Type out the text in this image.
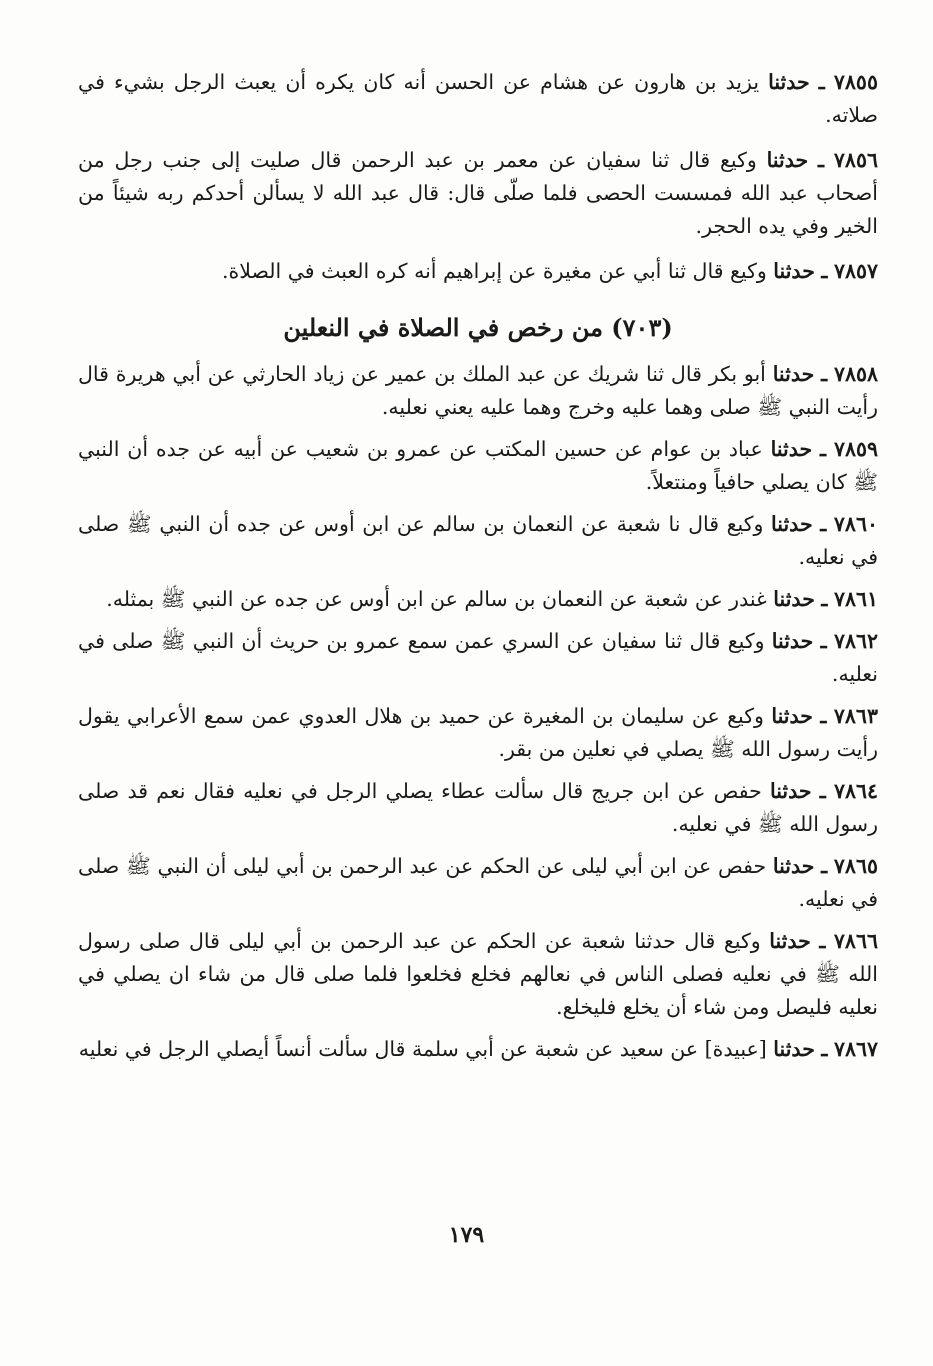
٧٨٥٥ ـ حدثنا يزيد بن هارون عن هشام عن الحسن أنه كان يكره أن يعبث الرجل بشيء في صلاته.

٧٨٥٦ ـ حدثنا وكيع قال ثنا سفيان عن معمر بن عبد الرحمن قال صليت إلى جنب رجل من أصحاب عبد الله فمسست الحصى فلما صلّى قال: قال عبد الله لا يسألن أحدكم ربه شيئاً من الخير وفي يده الحجر.

٧٨٥٧ ـ حدثنا وكيع قال ثنا أبي عن مغيرة عن إبراهيم أنه كره العبث في الصلاة.

(٧٠٣) من رخص في الصلاة في النعلين

٧٨٥٨ ـ حدثنا أبو بكر قال ثنا شريك عن عبد الملك بن عمير عن زياد الحارثي عن أبي هريرة قال رأيت النبي ﷺ صلى وهما عليه وخرج وهما عليه يعني نعليه.

٧٨٥٩ ـ حدثنا عباد بن عوام عن حسين المكتب عن عمرو بن شعيب عن أبيه عن جده أن النبي ﷺ كان يصلي حافياً ومنتعلاً.

٧٨٦٠ ـ حدثنا وكيع قال نا شعبة عن النعمان بن سالم عن ابن أوس عن جده أن النبي ﷺ صلى في نعليه.

٧٨٦١ ـ حدثنا غندر عن شعبة عن النعمان بن سالم عن ابن أوس عن جده عن النبي ﷺ بمثله.

٧٨٦٢ ـ حدثنا وكيع قال ثنا سفيان عن السري عمن سمع عمرو بن حريث أن النبي ﷺ صلى في نعليه.

٧٨٦٣ ـ حدثنا وكيع عن سليمان بن المغيرة عن حميد بن هلال العدوي عمن سمع الأعرابي يقول رأيت رسول الله ﷺ يصلي في نعلين من بقر.

٧٨٦٤ ـ حدثنا حفص عن ابن جريج قال سألت عطاء يصلي الرجل في نعليه فقال نعم قد صلى رسول الله ﷺ في نعليه.

٧٨٦٥ ـ حدثنا حفص عن ابن أبي ليلى عن الحكم عن عبد الرحمن بن أبي ليلى أن النبي ﷺ صلى في نعليه.

٧٨٦٦ ـ حدثنا وكيع قال حدثنا شعبة عن الحكم عن عبد الرحمن بن أبي ليلى قال صلى رسول الله ﷺ في نعليه فصلى الناس في نعالهم فخلع فخلعوا فلما صلى قال من شاء ان يصلي في نعليه فليصل ومن شاء أن يخلع فليخلع.

٧٨٦٧ ـ حدثنا [عبيدة] عن سعيد عن شعبة عن أبي سلمة قال سألت أنساً أيصلي الرجل في نعليه

١٧٩
